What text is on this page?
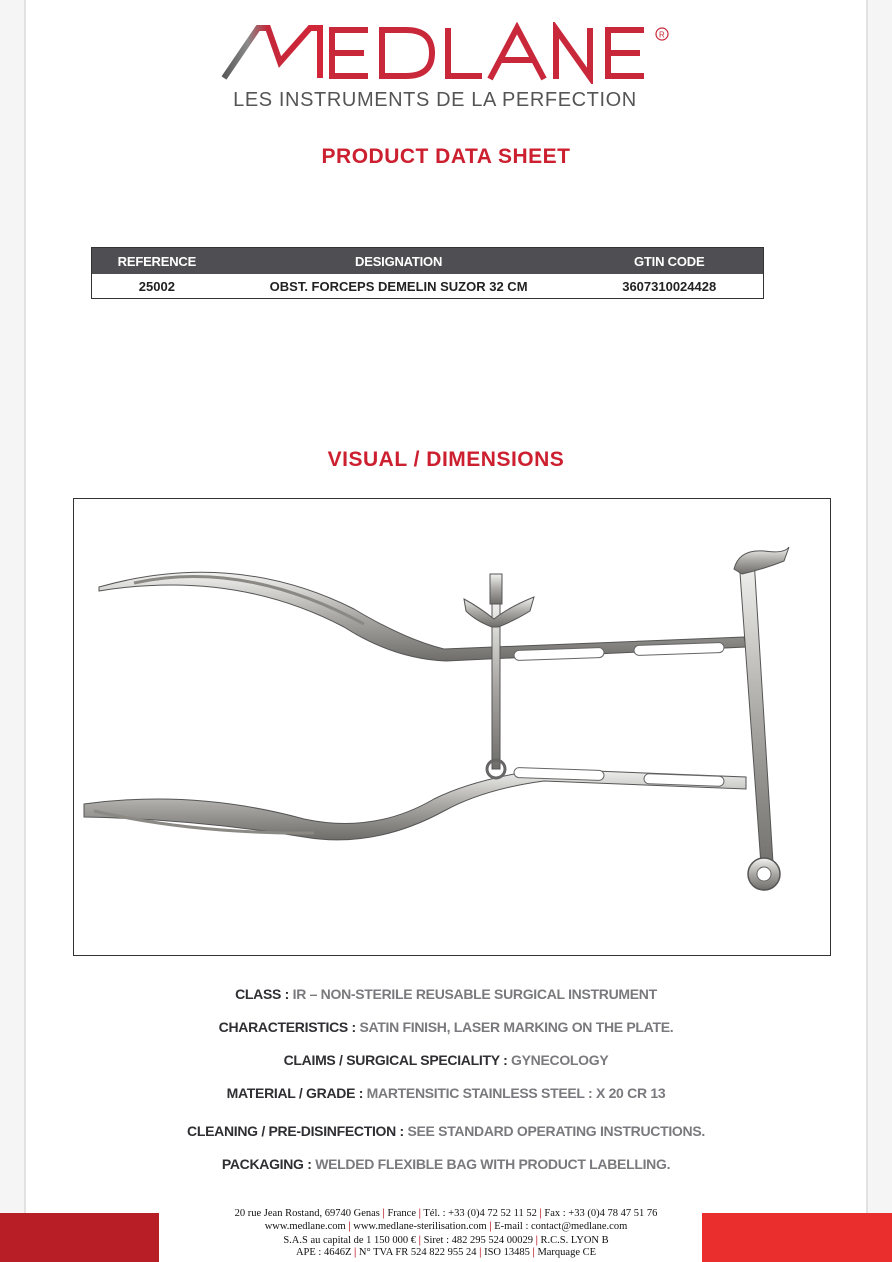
R
LES INSTRUMENTS DE LA PERFECTION
PRODUCT DATA SHEET
REFERENCE	DESIGNATION	GTIN CODE
25002	OBST. FORCEPS DEMELIN SUZOR 32 CM	3607310024428
VISUAL / DIMENSIONS
CLASS : IR – NON-STERILE REUSABLE SURGICAL INSTRUMENT
CHARACTERISTICS : SATIN FINISH, LASER MARKING ON THE PLATE.
CLAIMS / SURGICAL SPECIALITY : GYNECOLOGY
MATERIAL / GRADE : MARTENSITIC STAINLESS STEEL : X 20 CR 13
CLEANING / PRE-DISINFECTION : SEE STANDARD OPERATING INSTRUCTIONS.
PACKAGING : WELDED FLEXIBLE BAG WITH PRODUCT LABELLING.
20 rue Jean Rostand, 69740 Genas | France | Tél. : +33 (0)4 72 52 11 52 | Fax : +33 (0)4 78 47 51 76
www.medlane.com | www.medlane-sterilisation.com | E-mail : contact@medlane.com
S.A.S au capital de 1 150 000 € | Siret : 482 295 524 00029 | R.C.S. LYON B
APE : 4646Z | N° TVA FR 524 822 955 24 | ISO 13485 | Marquage CE
